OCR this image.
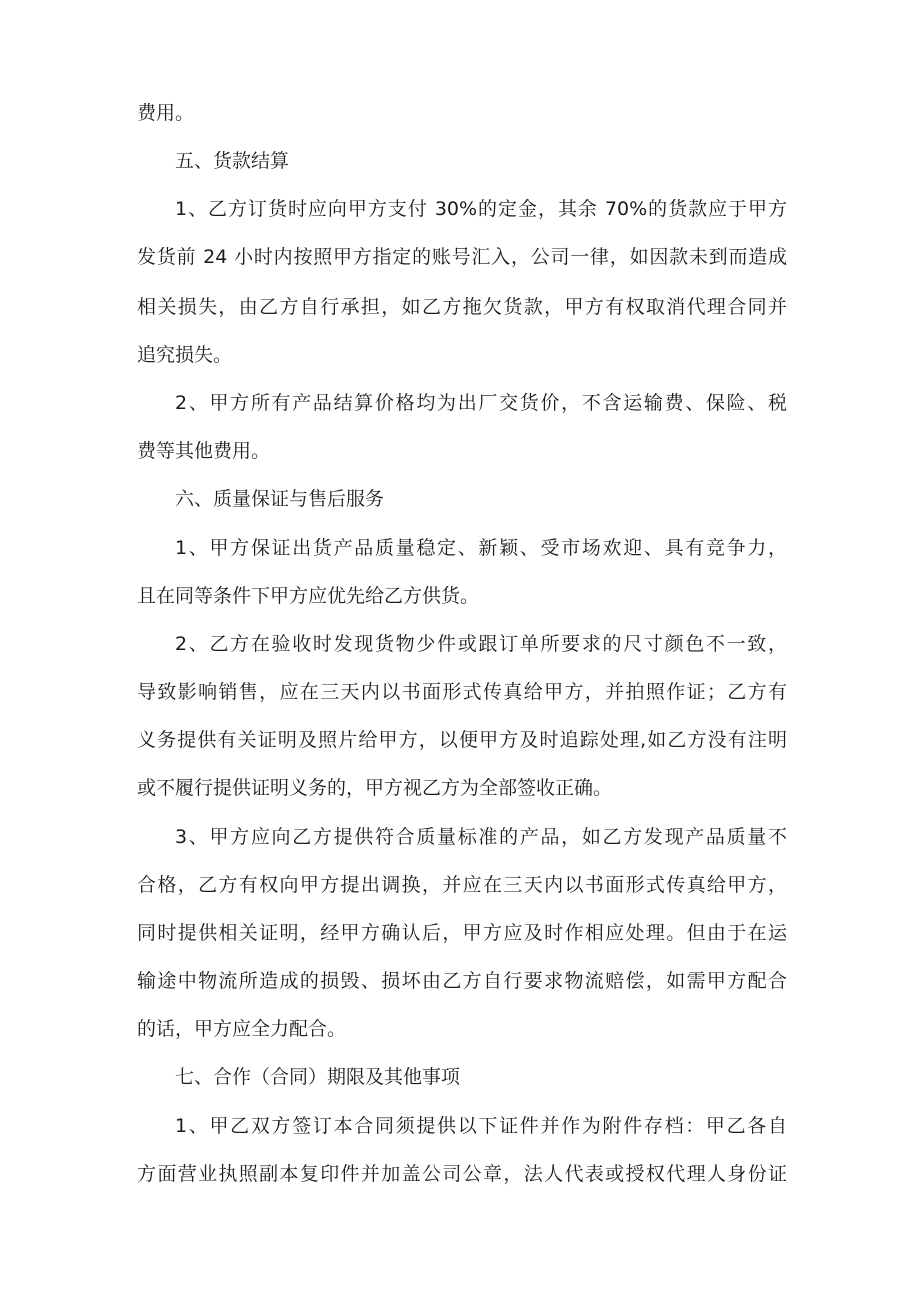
费用。
五、货款结算
1、乙方订货时应向甲方支付 30%的定金，其余 70%的货款应于甲方
发货前 24 小时内按照甲方指定的账号汇入，公司一律，如因款未到而造成
相关损失，由乙方自行承担，如乙方拖欠货款，甲方有权取消代理合同并
追究损失。
2、甲方所有产品结算价格均为出厂交货价，不含运输费、保险、税
费等其他费用。
六、质量保证与售后服务
1、甲方保证出货产品质量稳定、新颖、受市场欢迎、具有竞争力，
且在同等条件下甲方应优先给乙方供货。
2、乙方在验收时发现货物少件或跟订单所要求的尺寸颜色不一致，
导致影响销售，应在三天内以书面形式传真给甲方，并拍照作证；乙方有
义务提供有关证明及照片给甲方，以便甲方及时追踪处理,如乙方没有注明
或不履行提供证明义务的，甲方视乙方为全部签收正确。
3、甲方应向乙方提供符合质量标准的产品，如乙方发现产品质量不
合格，乙方有权向甲方提出调换，并应在三天内以书面形式传真给甲方，
同时提供相关证明，经甲方确认后，甲方应及时作相应处理。但由于在运
输途中物流所造成的损毁、损坏由乙方自行要求物流赔偿，如需甲方配合
的话，甲方应全力配合。
七、合作（合同）期限及其他事项
1、甲乙双方签订本合同须提供以下证件并作为附件存档：甲乙各自
方面营业执照副本复印件并加盖公司公章，法人代表或授权代理人身份证
